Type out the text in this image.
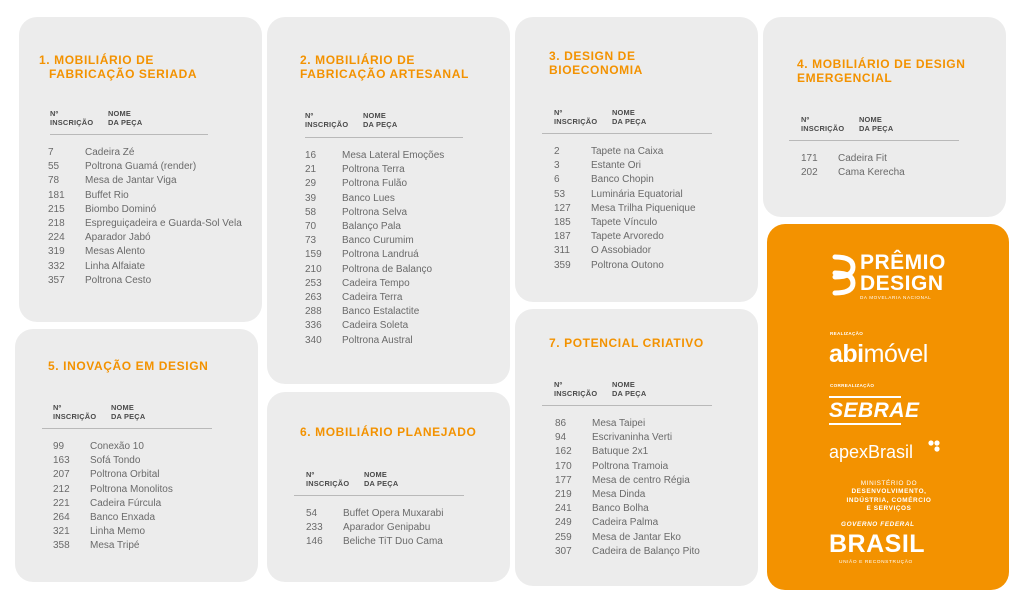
1. MOBILIÁRIO DE
FABRICAÇÃO SERIADA
Nº
INSCRIÇÃO
NOME
DA PEÇA
7	Cadeira Zé
55	Poltrona Guamá (render)
78	Mesa de Jantar Viga
181 Buffet Rio
215 Biombo Dominó
218 Espreguiçadeira e Guarda-Sol Vela
224 Aparador Jabó
319 Mesas Alento
332 Linha Alfaiate
357 Poltrona Cesto
2. MOBILIÁRIO DE
FABRICAÇÃO ARTESANAL
Nº
INSCRIÇÃO
NOME
DA PEÇA
16	Mesa Lateral Emoções
21	Poltrona Terra
29	Poltrona Fulão
39	Banco Lues
58	Poltrona Selva
70	Balanço Pala
73	Banco Curumim
159 Poltrona Landruá
210 Poltrona de Balanço
253 Cadeira Tempo
263 Cadeira Terra
288 Banco Estalactite
336 Cadeira Soleta
340 Poltrona Austral
3. DESIGN DE
BIOECONOMIA
Nº
INSCRIÇÃO
NOME
DA PEÇA
2	Tapete na Caixa
3	Estante Ori
6	Banco Chopin
53	Luminária Equatorial
127 Mesa Trilha Piquenique
185 Tapete Vínculo
187 Tapete Arvoredo
311 O Assobiador
359 Poltrona Outono
4. MOBILIÁRIO DE DESIGN
EMERGENCIAL
Nº
INSCRIÇÃO
NOME
DA PEÇA
171 Cadeira Fit
202 Cama Kerecha
5. INOVAÇÃO EM DESIGN
Nº
INSCRIÇÃO
NOME
DA PEÇA
99	Conexão 10
163 Sofá Tondo
207 Poltrona Orbital
212 Poltrona Monolitos
221 Cadeira Fúrcula
264 Banco Enxada
321 Linha Memo
358 Mesa Tripé
6. MOBILIÁRIO PLANEJADO
Nº
INSCRIÇÃO
NOME
DA PEÇA
54	Buffet Opera Muxarabi
233 Aparador Genipabu
146 Beliche TiT Duo Cama
7. POTENCIAL CRIATIVO
Nº
INSCRIÇÃO
NOME
DA PEÇA
86	Mesa Taipei
94	Escrivaninha Verti
162 Batuque 2x1
170 Poltrona Tramoia
177 Mesa de centro Régia
219 Mesa Dinda
241 Banco Bolha
249 Cadeira Palma
259 Mesa de Jantar Eko
307 Cadeira de Balanço Pito
PRÊMIO
DESIGN
DA MOVELARIA NACIONAL
REALIZAÇÃO
abimóvel
CORREALIZAÇÃO
SEBRAE
apexBrasil
MINISTÉRIO DO
DESENVOLVIMENTO,
INDÚSTRIA, COMÉRCIO
E SERVIÇOS
GOVERNO FEDERAL
BRASIL
UNIÃO E RECONSTRUÇÃO
